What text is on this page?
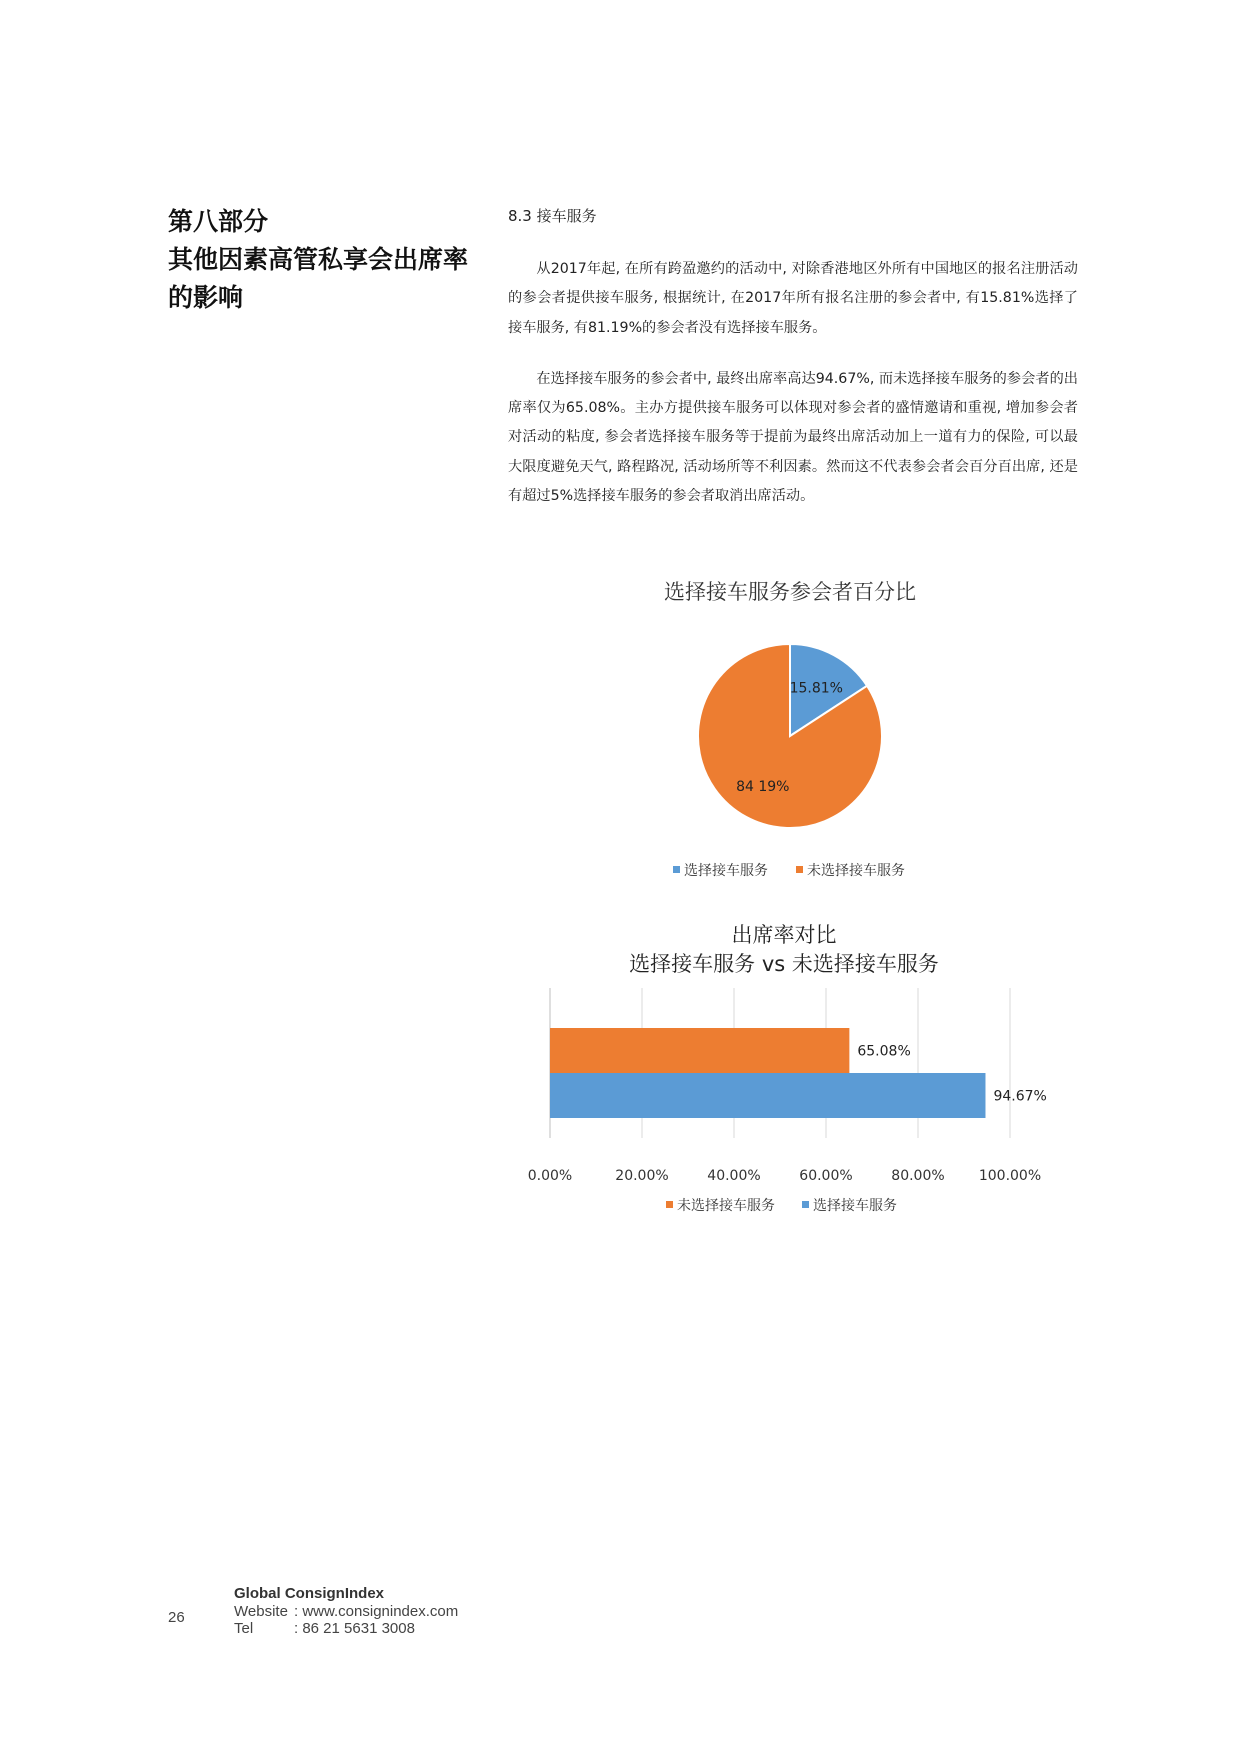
第八部分
其他因素高管私享会出席率
的影响
8.3 接车服务

从2017年起, 在所有跨盈邀约的活动中, 对除香港地区外所有中国地区的报名注册活动的参会者提供接车服务, 根据统计, 在2017年所有报名注册的参会者中, 有15.81%选择了接车服务, 有81.19%的参会者没有选择接车服务。

在选择接车服务的参会者中, 最终出席率高达94.67%, 而未选择接车服务的参会者的出席率仅为65.08%。主办方提供接车服务可以体现对参会者的盛情邀请和重视, 增加参会者对活动的粘度, 参会者选择接车服务等于提前为最终出席活动加上一道有力的保险, 可以最大限度避免天气, 路程路况, 活动场所等不利因素。然而这不代表参会者会百分百出席, 还是有超过5%选择接车服务的参会者取消出席活动。

选择接车服务参会者百分比
15.81%
84 19%
选择接车服务	未选择接车服务
出席率对比
选择接车服务 vs 未选择接车服务
65.08%
94.67%
0.00%	20.00%	40.00%	60.00%	80.00% 100.00%
未选择接车服务	选择接车服务
26
Global ConsignIndex
Website : www.consignindex.com
Tel	: 86 21 5631 3008
